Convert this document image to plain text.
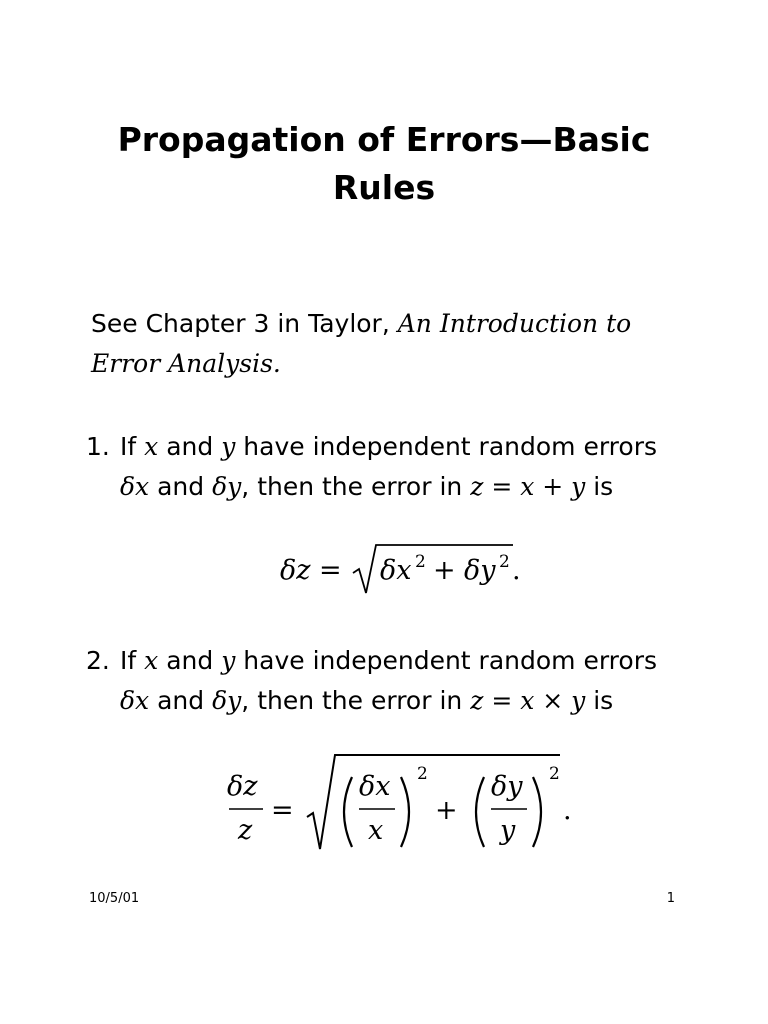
Propagation of Errors—Basic
Rules
See Chapter 3 in Taylor, An Introduction to
Error Analysis.
1. If x and y have independent random errors
δx and δy, then the error in z = x + y is
δz = δx 2 + δy 2 .
2. If x and y have independent random errors
δx and δy, then the error in z = x × y is
δz
z
=
δx
x
2
+
δy
y
2
.
10/5/01	1
